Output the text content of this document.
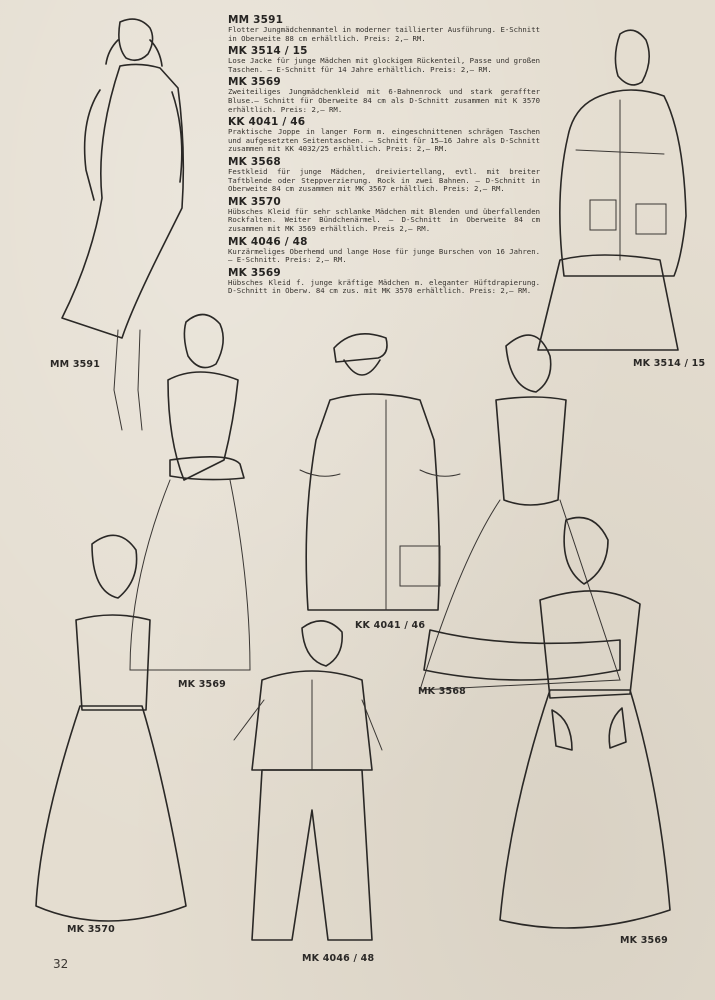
MM 3591
Flotter Jungmädchenmantel in moderner taillierter Ausführung. E-Schnitt in Oberweite 88 cm erhältlich. Preis: 2,— RM.
MK 3514 / 15
Lose Jacke für junge Mädchen mit glockigem Rückenteil, Passe und großen Taschen. — E-Schnitt für 14 Jahre erhältlich. Preis: 2,— RM.
MK 3569
Zweiteiliges Jungmädchenkleid mit 6-Bahnenrock und stark geraffter Bluse.— Schnitt für Oberweite 84 cm als D-Schnitt zusammen mit K 3570 erhältlich. Preis: 2,— RM.
KK 4041 / 46
Praktische Joppe in langer Form m. eingeschnittenen schrägen Taschen und aufgesetzten Seitentaschen. — Schnitt für 15—16 Jahre als D-Schnitt zusammen mit KK 4032/25 erhältlich. Preis: 2,— RM.
MK 3568
Festkleid für junge Mädchen, dreiviertellang, evtl. mit breiter Taftblende oder Steppverzierung. Rock in zwei Bahnen. — D-Schnitt in Oberweite 84 cm zusammen mit MK 3567 erhältlich. Preis: 2,— RM.
MK 3570
Hübsches Kleid für sehr schlanke Mädchen mit Blenden und überfallenden Rockfalten. Weiter Bündchenärmel. — D-Schnitt in Oberweite 84 cm zusammen mit MK 3569 erhältlich. Preis 2,— RM.
MK 4046 / 48
Kurzärmeliges Oberhemd und lange Hose für junge Burschen von 16 Jahren. — E-Schnitt. Preis: 2,— RM.
MK 3569
Hübsches Kleid f. junge kräftige Mädchen m. eleganter Hüftdrapierung. D-Schnitt in Oberw. 84 cm zus. mit MK 3570 erhältlich. Preis: 2,— RM.
MM 3591	MK 3514 / 15
MK 3569
KK 4041 / 46
MK 3568
MK 3570
MK 4046 / 48
MK 3569
32
